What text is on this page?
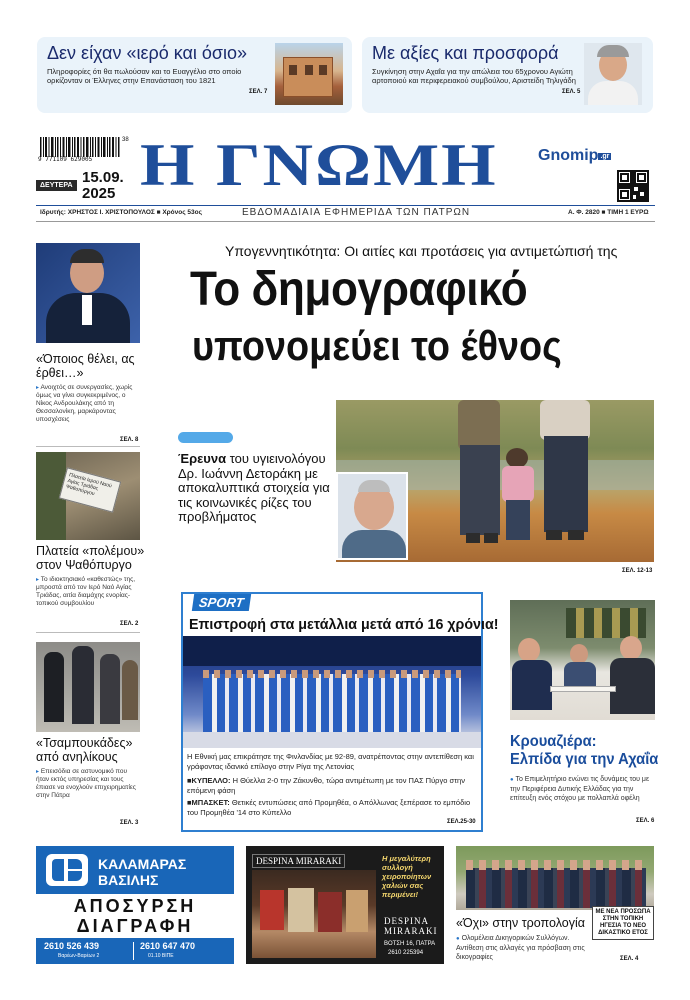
Δεν είχαν «ιερό και όσιο»
Πληροφορίες ότι θα πωλούσαν και το Ευαγγέλιο στο οποίο ορκίζονταν οι Έλληνες στην Επανάσταση του 1821
ΣΕΛ. 7
Με αξίες και προσφορά
Συγκίνηση στην Αχαΐα για την απώλεια του 65χρονου Αγιώτη αρτοποιού και περιφερειακού συμβούλου, Αριστείδη Τηλιγάδη
ΣΕΛ. 5
9 771109 629005
38
ΔΕΥΤΕΡΑ 15.09.
2025 Η ΓΝΩΜΗ	Gnomip .gr
Ιδρυτής: ΧΡΗΣΤΟΣ Ι. ΧΡΙΣΤΟΠΟΥΛΟΣ ■ Χρόνος 53ος	ΕΒΔΟΜΑΔΙΑΙΑ ΕΦΗΜΕΡΙΔΑ ΤΩΝ ΠΑΤΡΩΝ	Α. Φ. 2820 ■ ΤΙΜΗ 1 ΕΥΡΩ
Υπογεννητικότητα: Οι αιτίες και προτάσεις για αντιμετώπισή της
Το δημογραφικό
υπονομεύει το έθνος
Έρευνα του υγιεινολόγου Δρ. Ιωάννη Δετοράκη με αποκαλυπτικά στοιχεία για τις κοινωνικές ρίζες του προβλήματος
ΣΕΛ. 12-13
«Όποιος θέλει, ας έρθει…»
▸ Ανοιχτός σε συνεργασίες, χωρίς όμως να γίνει συγκεκριμένος, ο Νίκος Ανδρουλάκης από τη Θεσσαλονίκη, μαρκάροντας υποσχέσεις
ΣΕΛ. 8
Πλατεία Ιερού Ναού Αγίας Τριάδας Ψαθοπύργου
Πλατεία «πολέμου» στον Ψαθόπυργο
▸ Το ιδιοκτησιακό «καθεστώς» της, μπροστά από τον Ιερό Ναό Αγίας Τριάδας, αιτία διαμάχης ενορίας-τοπικού συμβουλίου
ΣΕΛ. 2
«Τσαμπουκάδες» από ανηλίκους
▸ Επεισόδια σε αστυνομικό που ήταν εκτός υπηρεσίας και τους έπιασε να ενοχλούν επιχειρηματίες στην Πάτρα
ΣΕΛ. 3
SPORT
Επιστροφή στα μετάλλια μετά από 16 χρόνια!
Η Εθνική μας επικράτησε της Φινλανδίας με 92-89, ανατρέποντας στην αντεπίθεση και γράφοντας ιδανικό επίλογο στην Ρίγα της Λετονίας
■ΚΥΠΕΛΛΟ: Η Θύελλα 2-0 την Ζάκυνθο, τώρα αντιμέτωπη με τον ΠΑΣ Πύργο στην επόμενη φάση
■ΜΠΑΣΚΕΤ: Θετικές εντυπώσεις από Προμηθέα, ο Απόλλωνας ξεπέρασε το εμπόδιο του Προμηθέα '14 στο Κύπελλο
ΣΕΛ.25-30
Κρουαζιέρα:
Ελπίδα για την Αχαΐα
● Το Επιμελητήριο ενώνει τις δυνάμεις του με την Περιφέρεια Δυτικής Ελλάδας για την επίτευξη ενός στόχου με πολλαπλά οφέλη
ΣΕΛ. 6
ΚΑΛΑΜΑΡΑΣ
ΒΑΣΙΛΗΣ
ΑΠΟΣΥΡΣΗ
ΔΙΑΓΡΑΦΗ
2610 526 439
Βαρέων-Βαρέων 2
2610 647 470
01.10 ΒΙΠΕ
DESPINA MIRARAKI	Η μεγαλύτερη συλλογή χειροποίητων χαλιών σας περιμένει!
DESPINA
MIRARAKI
ΒΟΤΣΗ 16, ΠΑΤΡΑ
2610 225394
ΜΕ ΝΕΑ ΠΡΟΣΩΠΑ ΣΤΗΝ ΤΟΠΙΚΗ ΗΓΕΣΙΑ ΤΟ ΝΕΟ ΔΙΚΑΣΤΙΚΟ ΕΤΟΣ
«Όχι» στην τροπολογία
● Ολομέλεια Δικηγορικών Συλλόγων. Αντίθεση στις αλλαγές για πρόσβαση στις δικογραφίες	ΣΕΛ. 4
